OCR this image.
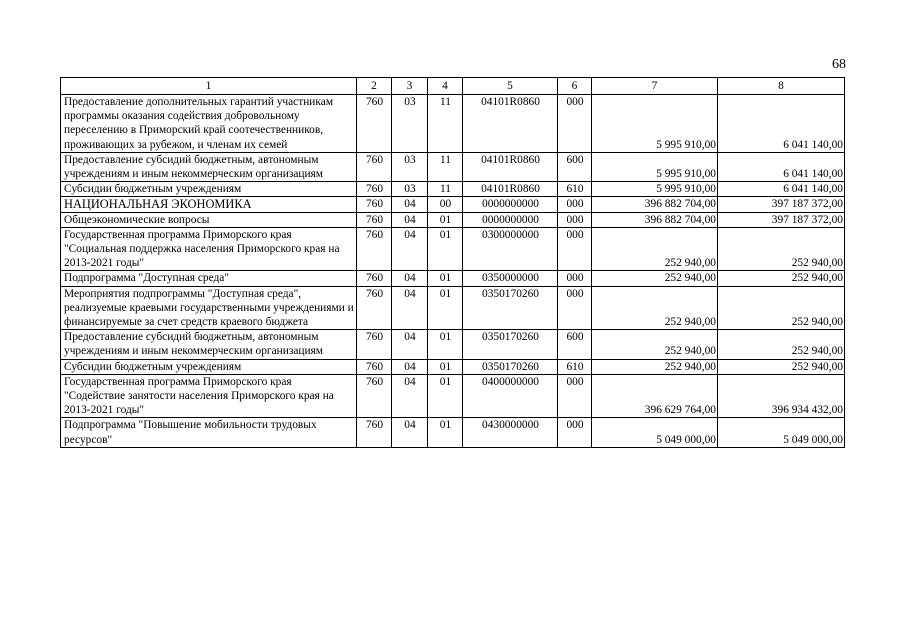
68
1	2	3	4	5	6	7	8
Предоставление дополнительных гарантий участникам программы оказания содействия добровольному переселению в Приморский край соотечественников, проживающих за рубежом, и членам их семей	760	03	11	04101R0860	000	5 995 910,00	6 041 140,00
Предоставление субсидий бюджетным, автономным учреждениям и иным некоммерческим организациям	760	03	11	04101R0860	600	5 995 910,00	6 041 140,00
Субсидии бюджетным учреждениям	760	03	11	04101R0860	610	5 995 910,00	6 041 140,00
НАЦИОНАЛЬНАЯ ЭКОНОМИКА	760	04	00	0000000000	000	396 882 704,00	397 187 372,00
Общеэкономические вопросы	760	04	01	0000000000	000	396 882 704,00	397 187 372,00
Государственная программа Приморского края "Социальная поддержка населения Приморского края на 2013-2021 годы"	760	04	01	0300000000	000	252 940,00	252 940,00
Подпрограмма "Доступная среда"	760	04	01	0350000000	000	252 940,00	252 940,00
Мероприятия подпрограммы "Доступная среда", реализуемые краевыми государственными учреждениями и финансируемые за счет средств краевого бюджета	760	04	01	0350170260	000	252 940,00	252 940,00
Предоставление субсидий бюджетным, автономным учреждениям и иным некоммерческим организациям	760	04	01	0350170260	600	252 940,00	252 940,00
Субсидии бюджетным учреждениям	760	04	01	0350170260	610	252 940,00	252 940,00
Государственная программа Приморского края "Содействие занятости населения Приморского края на 2013-2021 годы"	760	04	01	0400000000	000	396 629 764,00	396 934 432,00
Подпрограмма "Повышение мобильности трудовых ресурсов"	760	04	01	0430000000	000	5 049 000,00	5 049 000,00
